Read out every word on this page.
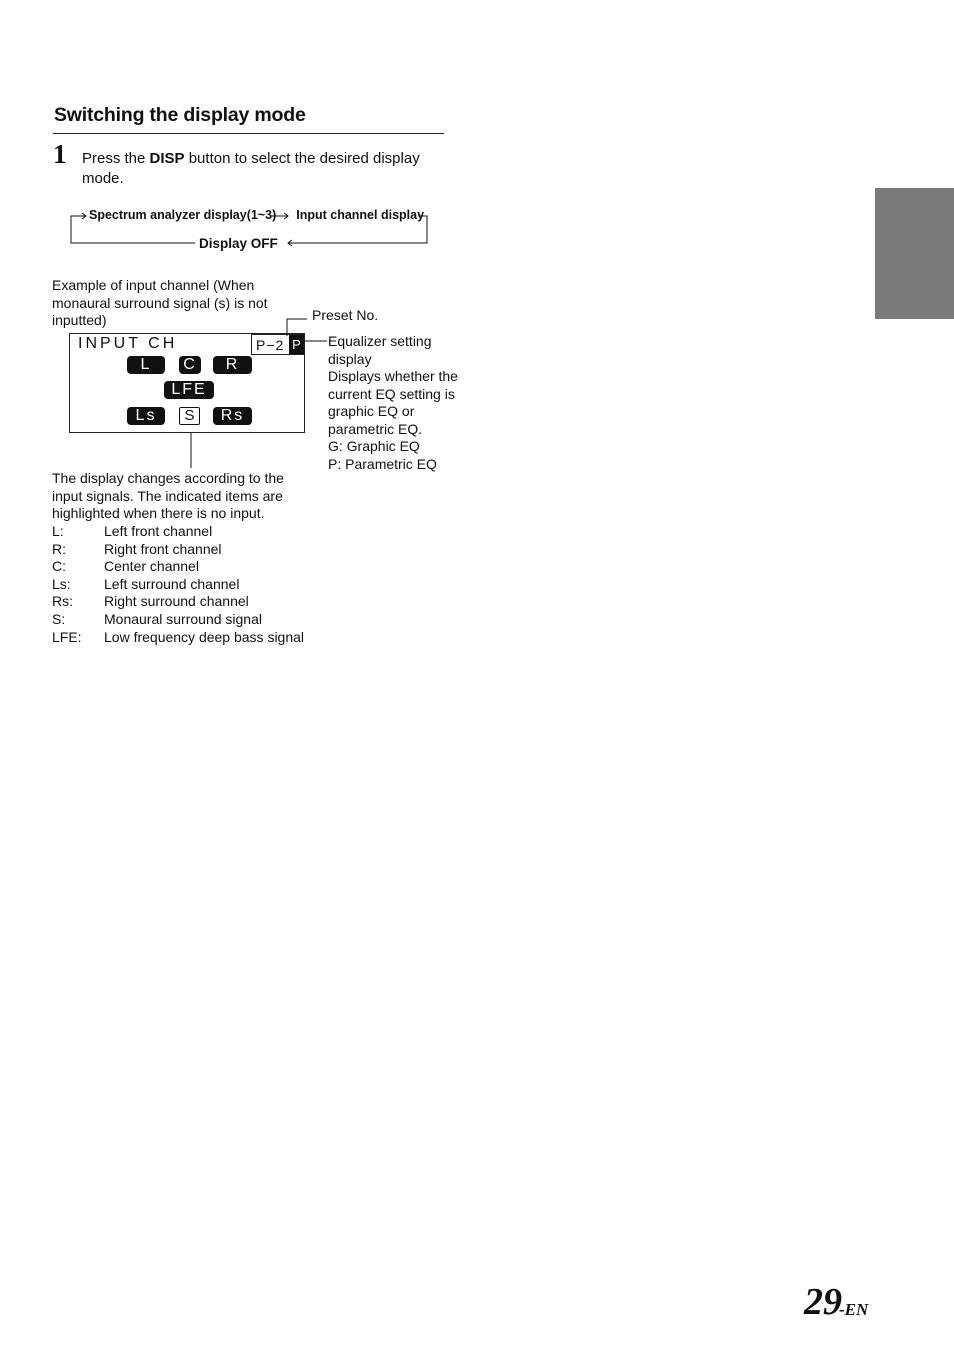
Switching the display mode
1 Press the DISP button to select the desired display mode.
Spectrum analyzer display(1~3) Input channel display
Display OFF
Example of input channel (When monaural surround signal (s) is not inputted)	Preset No.
Equalizer setting display
Displays whether the current EQ setting is graphic EQ or parametric EQ.
G: Graphic EQ
P: Parametric EQ
INPUT CH	P−2 P
L	C	R
LFE
Ls	S	Rs
The display changes according to the input signals. The indicated items are highlighted when there is no input.
L:	Left front channel
R:	Right front channel
C:	Center channel
Ls:	Left surround channel
Rs:	Right surround channel
S:	Monaural surround signal
LFE:	Low frequency deep bass signal
29
-EN
